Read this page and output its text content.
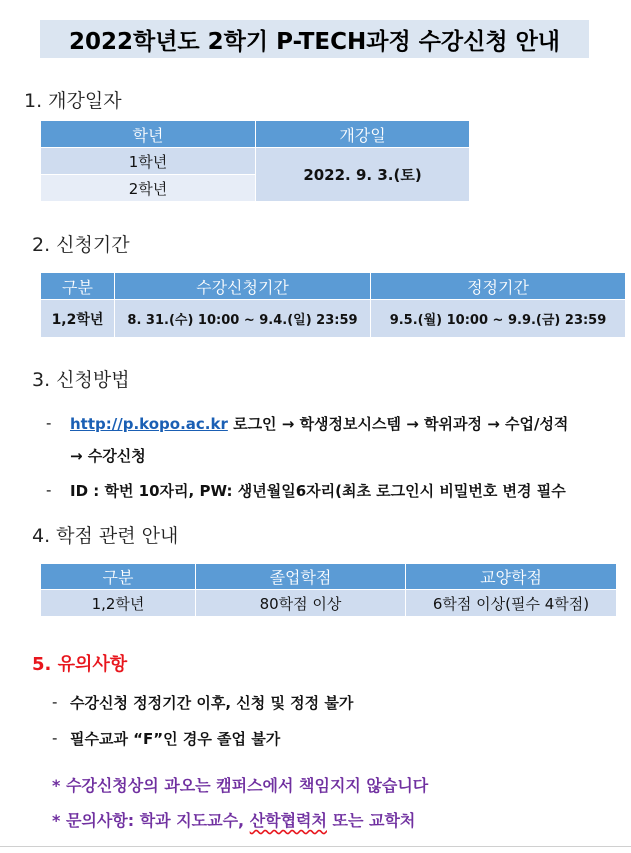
2022학년도 2학기 P-TECH과정 수강신청 안내
1. 개강일자
학년	개강일
1학년	2022. 9. 3.(토)
2학년	
2. 신청기간
구분	수강신청기간	정정기간
1,2학년	8. 31.(수) 10:00 ~ 9.4.(일) 23:59	9.5.(월) 10:00 ~ 9.9.(금) 23:59
3. 신청방법
- http://p.kopo.ac.kr 로그인 → 학생정보시스템 → 학위과정 → 수업/성적
→ 수강신청
- ID : 학번 10자리, PW: 생년월일6자리(최초 로그인시 비밀번호 변경 필수
4. 학점 관련 안내
구분	졸업학점	교양학점
1,2학년	80학점 이상	6학점 이상(필수 4학점)
5. 유의사항
- 수강신청 정정기간 이후, 신청 및 정정 불가
- 필수교과 “F”인 경우 졸업 불가
* 수강신청상의 과오는 캠퍼스에서 책임지지 않습니다
* 문의사항: 학과 지도교수, 산학협력처 또는 교학처
